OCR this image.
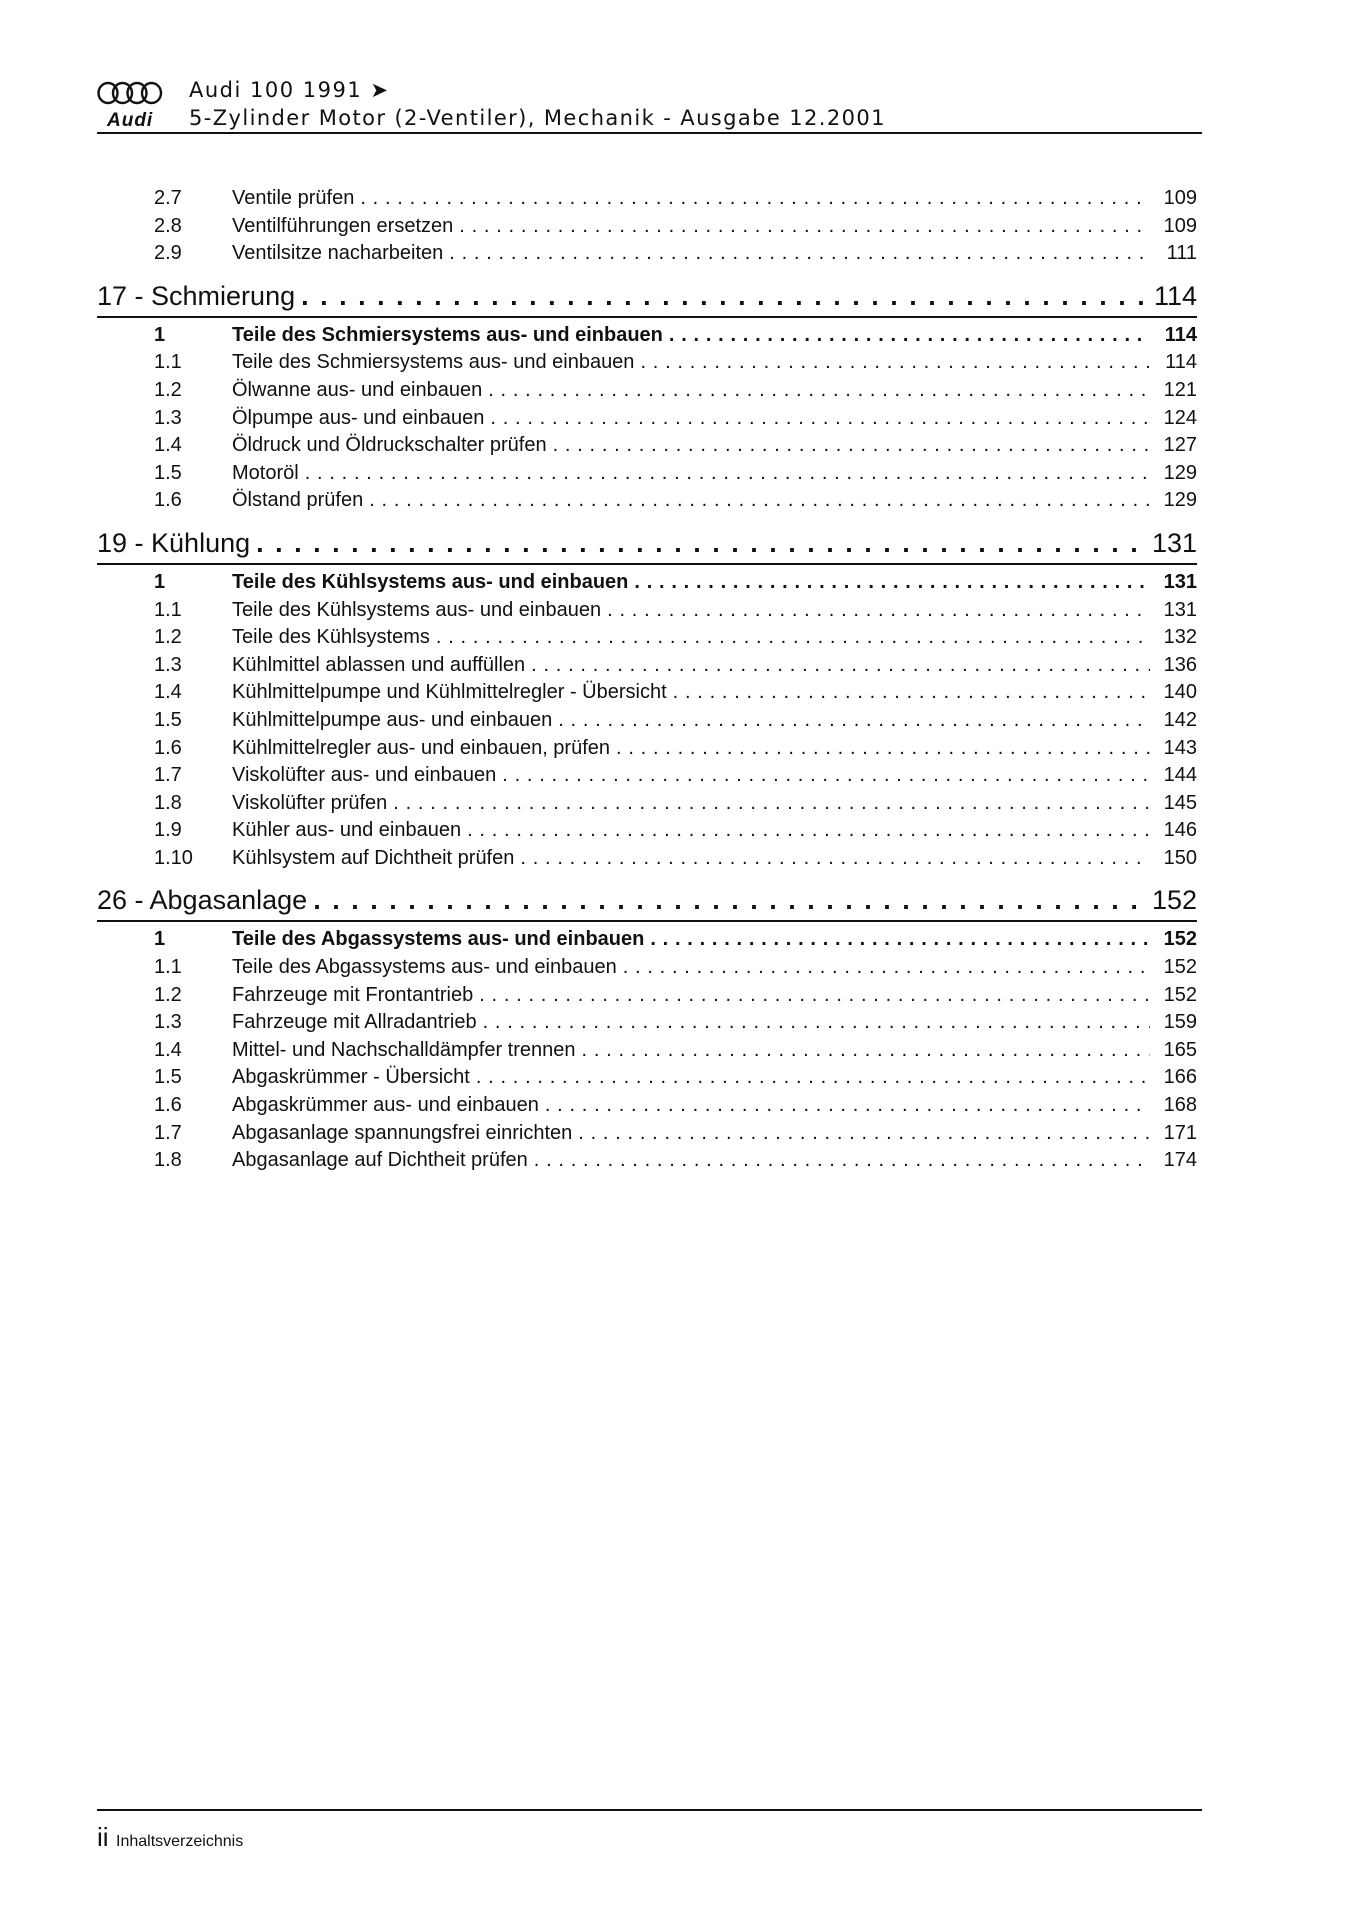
Audi
Audi 100 1991 ➤
5-Zylinder Motor (2-Ventiler), Mechanik - Ausgabe 12.2001
2.7	Ventile prüfen . . .	109
2.8	Ventilführungen ersetzen . . .	109
2.9	Ventilsitze nacharbeiten . . .	111
17 - Schmierung . . .	114
1	Teile des Schmiersystems aus- und einbauen . . .	114
1.1	Teile des Schmiersystems aus- und einbauen . . .	114
1.2	Ölwanne aus- und einbauen . . .	121
1.3	Ölpumpe aus- und einbauen . . .	124
1.4	Öldruck und Öldruckschalter prüfen . . .	127
1.5	Motoröl . . .	129
1.6	Ölstand prüfen . . .	129
19 - Kühlung . . .	131
1	Teile des Kühlsystems aus- und einbauen . . .	131
1.1	Teile des Kühlsystems aus- und einbauen . . .	131
1.2	Teile des Kühlsystems . . .	132
1.3	Kühlmittel ablassen und auffüllen . . .	136
1.4	Kühlmittelpumpe und Kühlmittelregler - Übersicht . . .	140
1.5	Kühlmittelpumpe aus- und einbauen . . .	142
1.6	Kühlmittelregler aus- und einbauen, prüfen . . .	143
1.7	Viskolüfter aus- und einbauen . . .	144
1.8	Viskolüfter prüfen . . .	145
1.9	Kühler aus- und einbauen . . .	146
1.10	Kühlsystem auf Dichtheit prüfen . . .	150
26 - Abgasanlage . . .	152
1	Teile des Abgassystems aus- und einbauen . . .	152
1.1	Teile des Abgassystems aus- und einbauen . . .	152
1.2	Fahrzeuge mit Frontantrieb . . .	152
1.3	Fahrzeuge mit Allradantrieb . . .	159
1.4	Mittel- und Nachschalldämpfer trennen . . .	165
1.5	Abgaskrümmer - Übersicht . . .	166
1.6	Abgaskrümmer aus- und einbauen . . .	168
1.7	Abgasanlage spannungsfrei einrichten . . .	171
1.8	Abgasanlage auf Dichtheit prüfen . . .	174
ii Inhaltsverzeichnis
